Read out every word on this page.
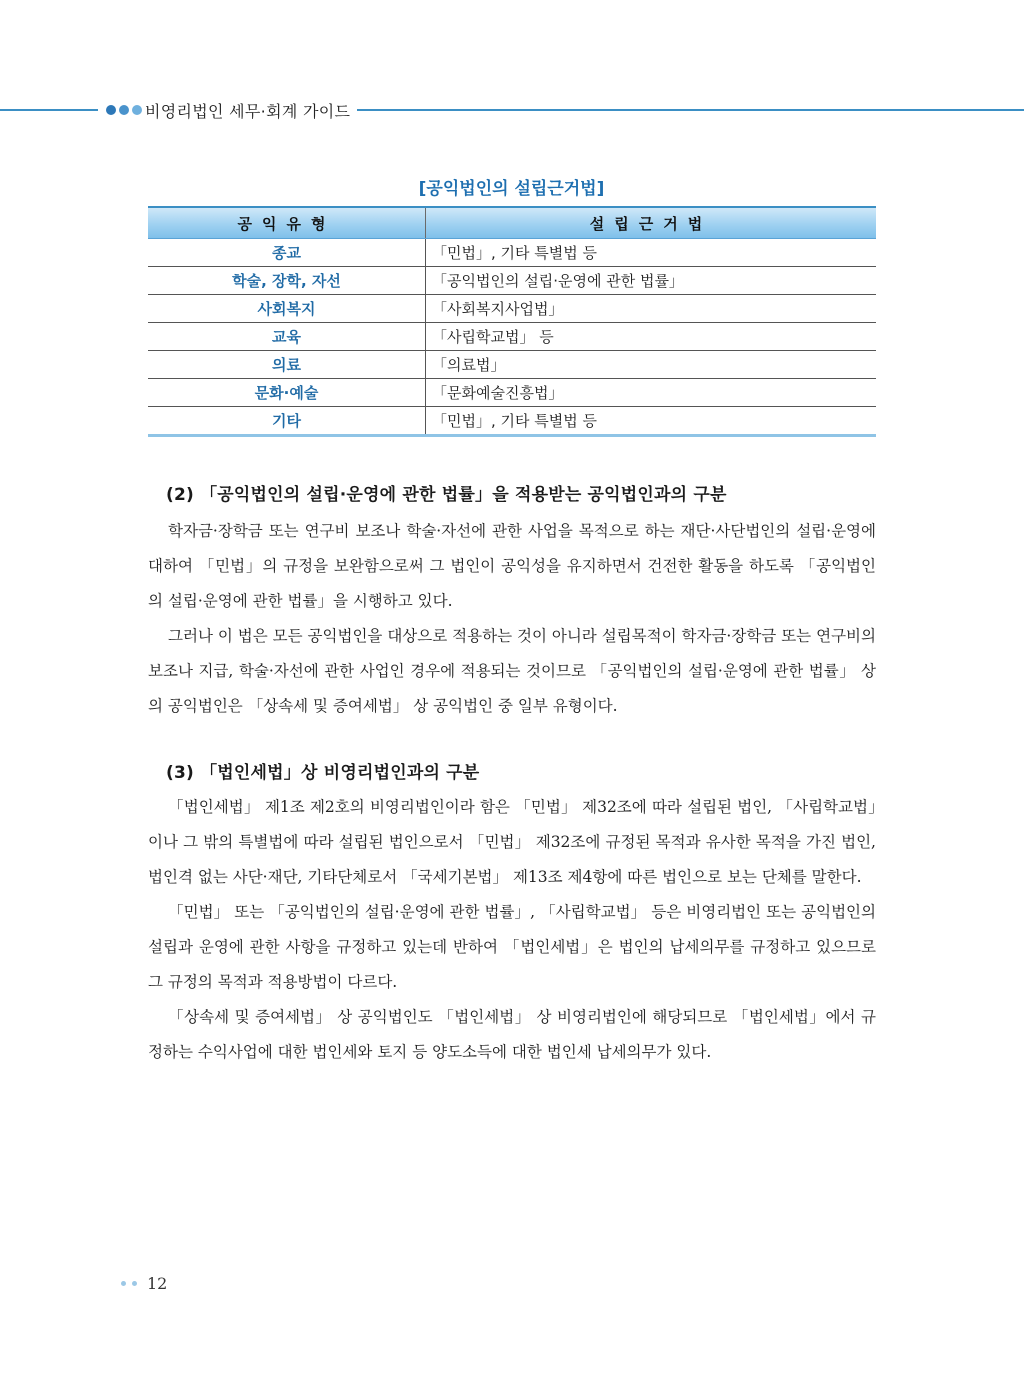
비영리법인 세무·회계 가이드
[공익법인의 설립근거법]
공익유형	설립근거법
종교	「민법」, 기타 특별법 등
학술, 장학, 자선	「공익법인의 설립·운영에 관한 법률」
사회복지	「사회복지사업법」
교육	「사립학교법」 등
의료	「의료법」
문화·예술	「문화예술진흥법」
기타	「민법」, 기타 특별법 등
(2) 「공익법인의 설립·운영에 관한 법률」을 적용받는 공익법인과의 구분

학자금·장학금 또는 연구비 보조나 학술·자선에 관한 사업을 목적으로 하는 재단·사단법인의 설립·운영에 대하여 「민법」의 규정을 보완함으로써 그 법인이 공익성을 유지하면서 건전한 활동을 하도록 「공익법인의 설립·운영에 관한 법률」을 시행하고 있다.

그러나 이 법은 모든 공익법인을 대상으로 적용하는 것이 아니라 설립목적이 학자금·장학금 또는 연구비의 보조나 지급, 학술·자선에 관한 사업인 경우에 적용되는 것이므로 「공익법인의 설립·운영에 관한 법률」 상의 공익법인은 「상속세 및 증여세법」 상 공익법인 중 일부 유형이다.

(3) 「법인세법」상 비영리법인과의 구분

「법인세법」 제1조 제2호의 비영리법인이라 함은 「민법」 제32조에 따라 설립된 법인, 「사립학교법」이나 그 밖의 특별법에 따라 설립된 법인으로서 「민법」 제32조에 규정된 목적과 유사한 목적을 가진 법인, 법인격 없는 사단·재단, 기타단체로서 「국세기본법」 제13조 제4항에 따른 법인으로 보는 단체를 말한다.

「민법」 또는 「공익법인의 설립·운영에 관한 법률」, 「사립학교법」 등은 비영리법인 또는 공익법인의 설립과 운영에 관한 사항을 규정하고 있는데 반하여 「법인세법」은 법인의 납세의무를 규정하고 있으므로 그 규정의 목적과 적용방법이 다르다.

「상속세 및 증여세법」 상 공익법인도 「법인세법」 상 비영리법인에 해당되므로 「법인세법」에서 규정하는 수익사업에 대한 법인세와 토지 등 양도소득에 대한 법인세 납세의무가 있다.

12
